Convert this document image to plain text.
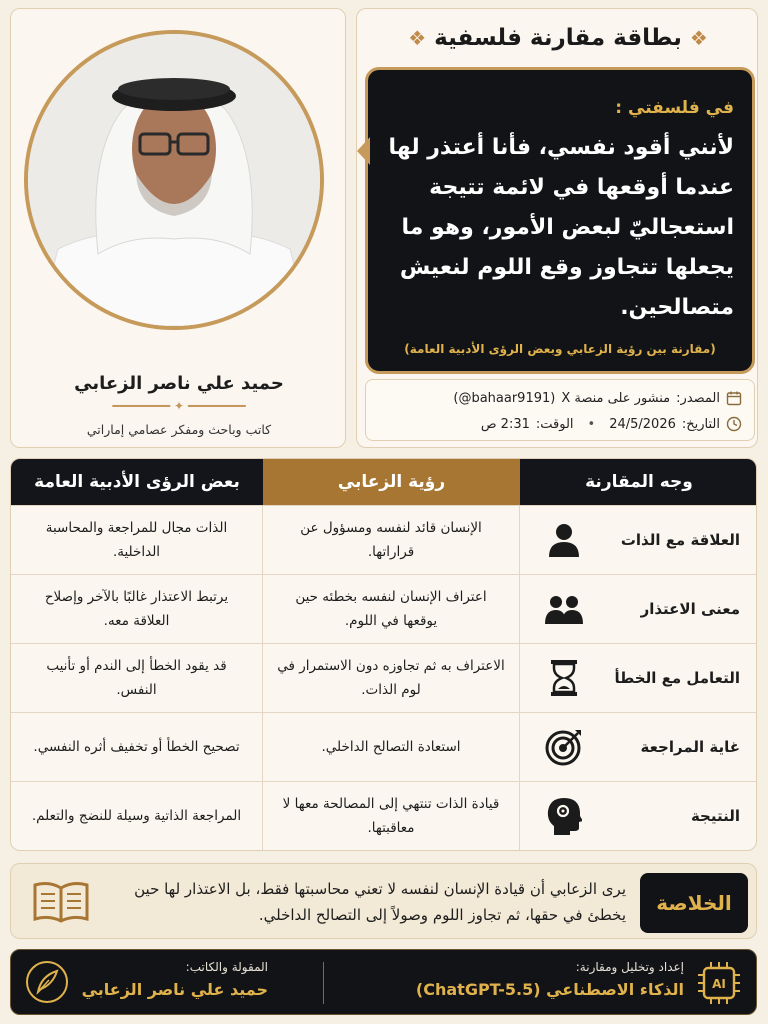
حميد علي ناصر الزعابي
━━━━━━━━ ✦ ━━━━━━━━
كاتب وباحث ومفكر عصامي إماراتي
❖بطاقة مقارنة فلسفية❖
في فلسفتي :
لأنني أقود نفسي، فأنا أعتذر لها عندما أوقعها في لائمة تتيجة استعجاليّ لبعض الأمور، وهو ما يجعلها تتجاوز وقع اللوم لنعيش متصالحين.
(مقارنة بين رؤية الزعابي وبعض الرؤى الأدبية العامة)
المصدر:
منشور على منصة X
(@bahaar9191)
التاريخ:
24/5/2026
•
الوقت:
2:31 ص
وجه المقارنة
رؤية الزعابي
بعض الرؤى الأدبية العامة
العلاقة مع الذات
الإنسان قائد لنفسه ومسؤول عن قراراتها.
الذات مجال للمراجعة والمحاسبة الداخلية.
معنى الاعتذار
اعتراف الإنسان لنفسه بخطئه حين يوقعها في اللوم.
يرتبط الاعتذار غالبًا بالآخر وإصلاح العلاقة معه.
التعامل مع الخطأ
الاعتراف به ثم تجاوزه دون الاستمرار في لوم الذات.
قد يقود الخطأ إلى الندم أو تأنيب النفس.
غاية المراجعة
استعادة التصالح الداخلي.
تصحيح الخطأ أو تخفيف أثره النفسي.
النتيجة
قيادة الذات تنتهي إلى المصالحة معها لا معاقبتها.
المراجعة الذاتية وسيلة للنضج والتعلم.
الخلاصة
يرى الزعابي أن قيادة الإنسان لنفسه لا تعني محاسبتها فقط، بل الاعتذار لها حين يخطئ في حقها، ثم تجاوز اللوم وصولاً إلى التصالح الداخلي.
AI
إعداد وتخليل ومقارنة:
الذكاء الاصطناعي (ChatGPT-5.5)
المقولة والكاتب:
حميد علي ناصر الزعابي
